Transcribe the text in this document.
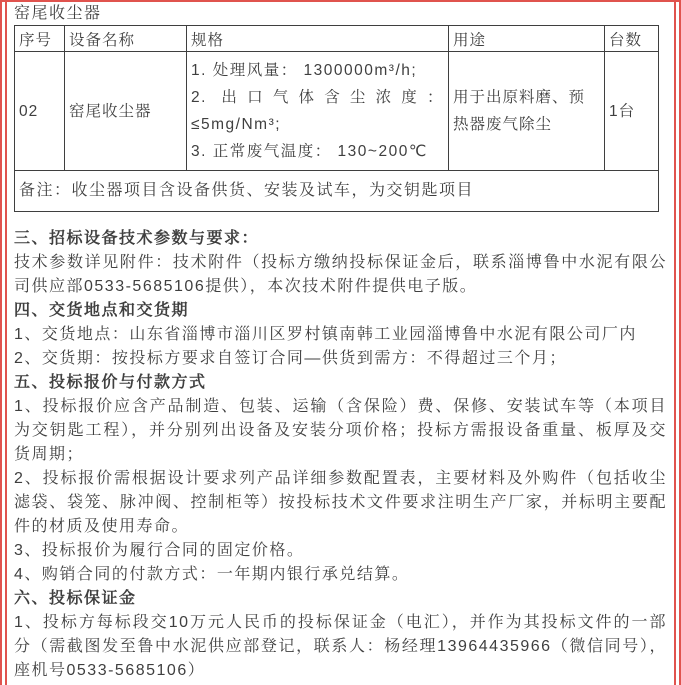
窑尾收尘器
序号	设备名称	规格	用途	台数
02	窑尾收尘器	1. 处理风量： 1300000m³/h;
2. 出口气体含尘浓度： ≤5mg/Nm³;
3. 正常废气温度： 130~200℃	用于出原料磨、预热器废气除尘	1台
备注：收尘器项目含设备供货、安装及试车，为交钥匙项目				

三、招标设备技术参数与要求：

技术参数详见附件：技术附件（投标方缴纳投标保证金后，联系淄博鲁中水泥有限公司供应部0533-5685106提供），本次技术附件提供电子版。

四、交货地点和交货期

1、交货地点：山东省淄博市淄川区罗村镇南韩工业园淄博鲁中水泥有限公司厂内

2、交货期：按投标方要求自签订合同—供货到需方：不得超过三个月；

五、投标报价与付款方式

1、投标报价应含产品制造、包装、运输（含保险）费、保修、安装试车等（本项目为交钥匙工程），并分别列出设备及安装分项价格；投标方需报设备重量、板厚及交货周期；

2、投标报价需根据设计要求列产品详细参数配置表，主要材料及外购件（包括收尘滤袋、袋笼、脉冲阀、控制柜等）按投标技术文件要求注明生产厂家，并标明主要配件的材质及使用寿命。

3、投标报价为履行合同的固定价格。

4、购销合同的付款方式：一年期内银行承兑结算。

六、投标保证金

1、投标方每标段交10万元人民币的投标保证金（电汇），并作为其投标文件的一部分（需截图发至鲁中水泥供应部登记，联系人：杨经理13964435966（微信同号），座机号0533-5685106）
